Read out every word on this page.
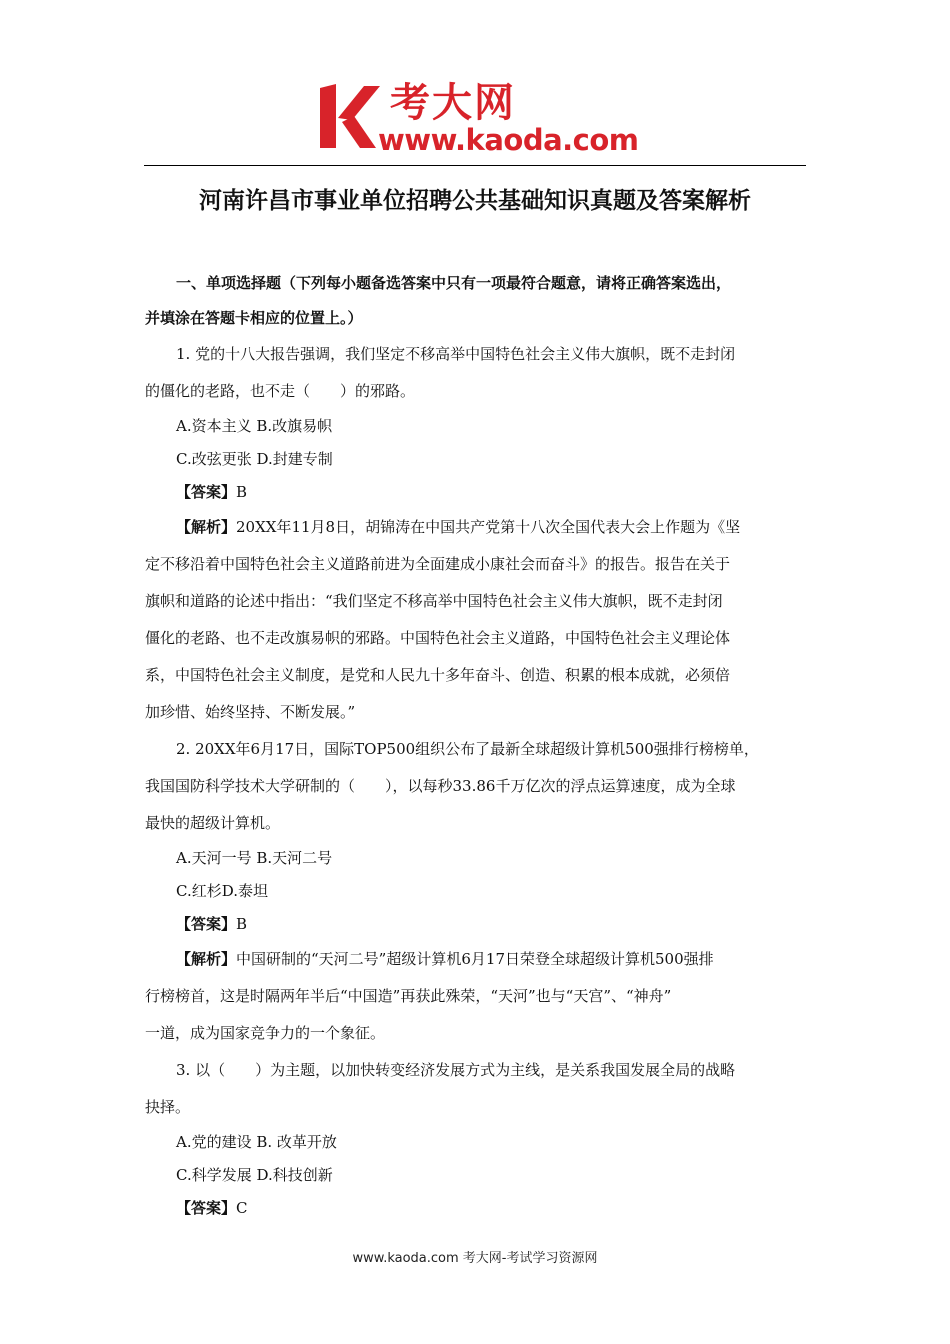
考大网
www.kaoda.com
河南许昌市事业单位招聘公共基础知识真题及答案解析
一、单项选择题（下列每小题备选答案中只有一项最符合题意，请将正确答案选出，
并填涂在答题卡相应的位置上。）
1. 党的十八大报告强调，我们坚定不移高举中国特色社会主义伟大旗帜，既不走封闭
的僵化的老路，也不走（　　）的邪路。
A.资本主义 B.改旗易帜
C.改弦更张 D.封建专制
【答案】B
【解析】20XX年11月8日，胡锦涛在中国共产党第十八次全国代表大会上作题为《坚
定不移沿着中国特色社会主义道路前进为全面建成小康社会而奋斗》的报告。报告在关于
旗帜和道路的论述中指出：“我们坚定不移高举中国特色社会主义伟大旗帜，既不走封闭
僵化的老路、也不走改旗易帜的邪路。中国特色社会主义道路，中国特色社会主义理论体
系，中国特色社会主义制度，是党和人民九十多年奋斗、创造、积累的根本成就，必须倍
加珍惜、始终坚持、不断发展。”
2. 20XX年6月17日，国际TOP500组织公布了最新全球超级计算机500强排行榜榜单，
我国国防科学技术大学研制的（　　），以每秒33.86千万亿次的浮点运算速度，成为全球
最快的超级计算机。
A.天河一号 B.天河二号
C.红杉D.泰坦
【答案】B
【解析】中国研制的“天河二号”超级计算机6月17日荣登全球超级计算机500强排
行榜榜首，这是时隔两年半后“中国造”再获此殊荣，“天河”也与“天宫”、“神舟”
一道，成为国家竞争力的一个象征。
3. 以（　　）为主题，以加快转变经济发展方式为主线，是关系我国发展全局的战略
抉择。
A.党的建设 B. 改革开放
C.科学发展 D.科技创新
【答案】C
www.kaoda.com 考大网-考试学习资源网
